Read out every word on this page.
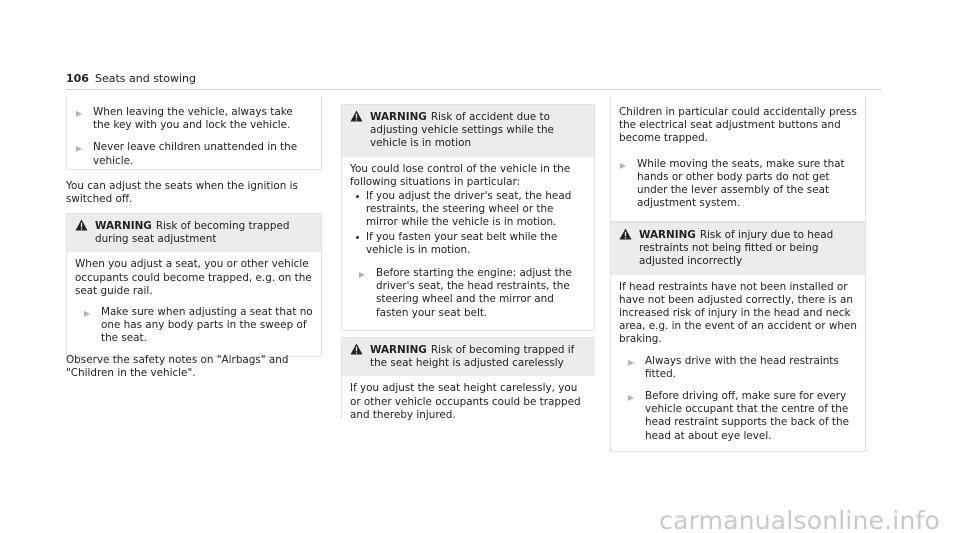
106 Seats and stowing
▶ When leaving the vehicle, always take the key with you and lock the vehicle.
▶ Never leave children unattended in the vehicle.

You can adjust the seats when the ignition is switched off.

WARNING Risk of becoming trapped during seat adjustment

When you adjust a seat, you or other vehicle occupants could become trapped, e.g. on the seat guide rail.

▶ Make sure when adjusting a seat that no one has any body parts in the sweep of the seat.

Observe the safety notes on "Airbags" and "Children in the vehicle".

WARNING Risk of accident due to adjusting vehicle settings while the vehicle is in motion

You could lose control of the vehicle in the following situations in particular:

If you adjust the driver's seat, the head restraints, the steering wheel or the mirror while the vehicle is in motion.
If you fasten your seat belt while the vehicle is in motion.
▶ Before starting the engine: adjust the driver's seat, the head restraints, the steering wheel and the mirror and fasten your seat belt.
WARNING Risk of becoming trapped if the seat height is adjusted carelessly

If you adjust the seat height carelessly, you or other vehicle occupants could be trapped and thereby injured.

Children in particular could accidentally press the electrical seat adjustment buttons and become trapped.

▶ While moving the seats, make sure that hands or other body parts do not get under the lever assembly of the seat adjustment system.
WARNING Risk of injury due to head restraints not being fitted or being adjusted incorrectly

If head restraints have not been installed or have not been adjusted correctly, there is an increased risk of injury in the head and neck area, e.g. in the event of an accident or when braking.

▶ Always drive with the head restraints fitted.
▶ Before driving off, make sure for every vehicle occupant that the centre of the head restraint supports the back of the head at about eye level.
carmanualsonline.info
